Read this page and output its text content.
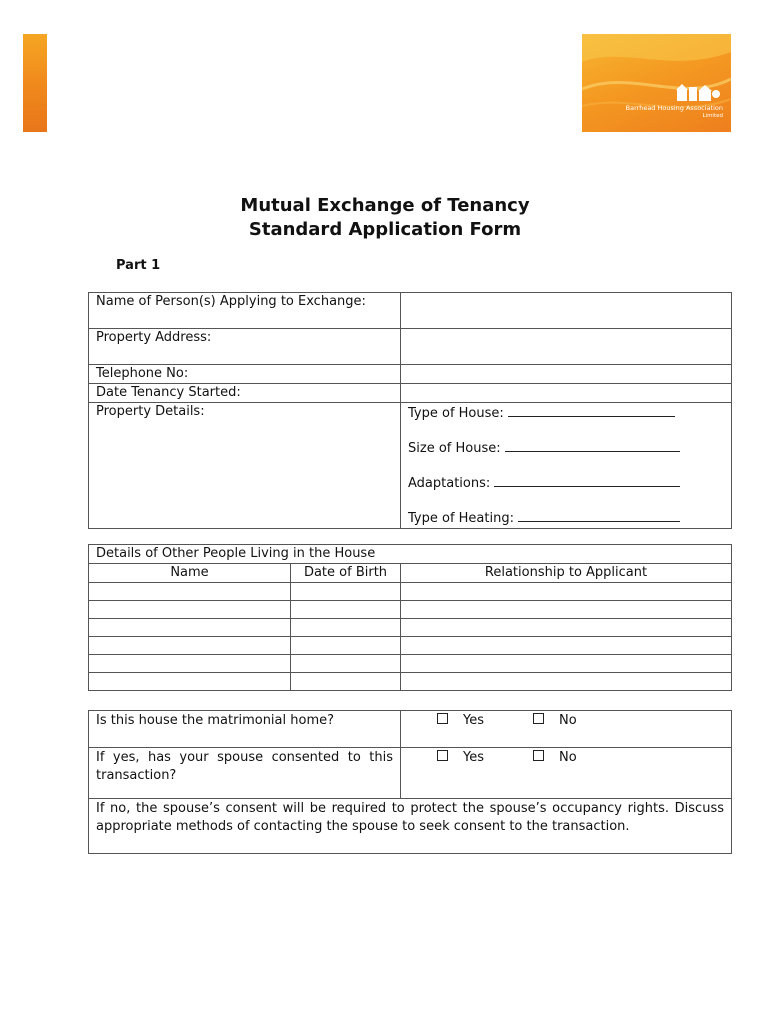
Barrhead Housing Association
Limited
Mutual Exchange of Tenancy
Standard Application Form
Part 1
Name of Person(s) Applying to Exchange:	
Property Address:	
Telephone No:	
Date Tenancy Started:	
Property Details:	Type of House:
Size of House:
Adaptations:
Type of Heating:
Details of Other People Living in the House		
Name	Date of Birth	Relationship to Applicant

Is this house the matrimonial home?	Yes No
If yes, has your spouse consented to this transaction?	Yes No
If no, the spouse’s consent will be required to protect the spouse’s occupancy rights. Discuss appropriate methods of contacting the spouse to seek consent to the transaction.	
